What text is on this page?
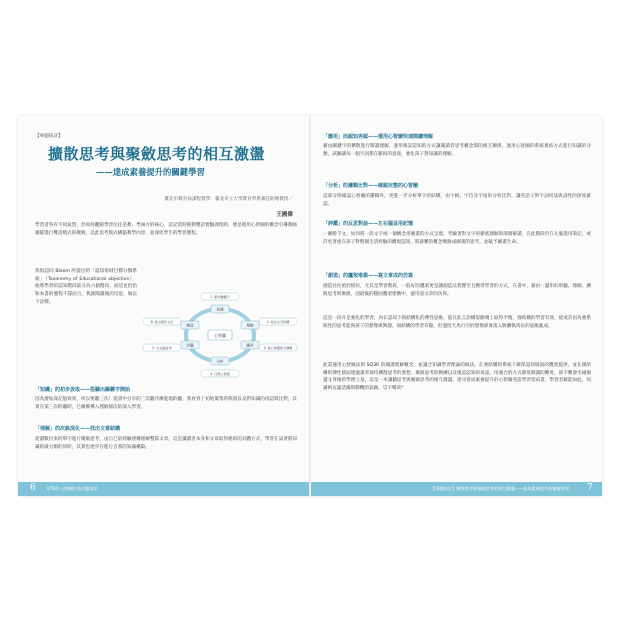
【專題探討】
擴散思考與聚斂思考的相互激盪
——達成素養提升的關鍵學習
臺北市教育局課程督學．臺北市立大學教育學系兼任助理教授／
王國偉
學習者各有不同氣質，但如何翻跟學習往往是教、學兩方的核心，這記當時推動雙語實驗課程時，便是使用心智圖的概念引導教師團隊進行雙語模式的聚斂，以此思考模式構築教學內容，並深化學生的學習歷程。
我很認同 Bloom 所提出的「認知領域目標分類系統」（Taxonomy of Educational objective），他將學習的認知階段區分為六個階段，而這也恰恰和本書的歷程不謀而合，我就閱讀後的反思，做以下詮釋。
心智圖
知識
理解
應用
分析
評鑑
創造
1. 聽出關鍵字
2. 找出文章結構
3. 從心智圖抓出邏輯
4. 比對心智圖
5. 左右腦並用
6. 產出寫作文章
「知識」的初步汲取——從聽出關鍵字開始
因為要加深記憶效果，所以要聽三次！從書中分享的三次聽序漸進地聆聽，我看到了初始蒐集的佈置以及對知識的再認與比對，其實在第三次聆聽時，已漸漸導入理解層次的深入學習。
「理解」的次級深化——找出文章結構
從讀數出來的單字進行聚斂思考，由自已的經驗連構理解整篇文章，這是讓讀者本身和文章取得連結的具體方式，學習在試著將知識的啟分類的同時，其實也逐步在進行自我的知識構築。
6 耳TED 心智圖打造全腦英語
「應用」而認知再認——運用心智圖快速閱讀理解
藉由關鍵字的擴散進行閱讀理解，運用後設認知的方式讓閱讀者思考概念間的相互關係，運用心智圖的系統連結方式進行知識的分類，試圖讓每一個字詞都在脈絡的意義，強化孩子對知識的理解。
「分析」的邏輯比對——確認完整的心智圖
這部分除確認心智圖的邏輯外，更進一步分析單字的結構，由字根、字首及字尾的分析比對，讓英語子對字詞用法與詞性的深度確認。
「評鑑」的反思對話——左右腦並用記憶
一圖勝千文，如何將一段文字或一個概念用圖畫的方式呈現，考驗著對文字的徹底理解與深層解讀，在此階段仍在左腦進用筆記，或許更著重在孩子對整個生活經驗的體現認知，將最難的概念聚斂成圖畫的思考，並賦予圖畫生命。
「創造」的鷹架堆築——寫文章成的仿寫
創造往往始於模仿，尤其是學習階段，一般好的鷹架更是讓創造品質獲至且獲得學習的方式，在書中，藉由一邊串的聆聽、理解、擴散思考與聚斂，剖最後的穩固鷹架建構中，運用道文章的仿寫。
這是一段升是強化的學習，內在認知下與結構化的彈性思維，能在此言語構思勤幾上取得平衡，強結構的學習有效，從或許因為強系統性的思考能與孩子的想像與興趣，弱結構的學習有趣，但過度天馬行空的想像卻會落入脫離軌馬伍的思維亂成。
此書運用心智圖法與 SQ3R 的閱讀理解概念，並讓合知識學習理論的做法，在強結構的系統下確保認知層面的鷹架提供，並在創結構的彈性層面建議讀者保持擴散思考的發想、聚斂思考的精練以及後設認知的再認，用適合的方式降低閱讀的難度，卻不難會出碰個邊文背後的學理立基，這是一本讓聽思考與聚斂思考的相互激盪，達司達成素養提升的心智圖英語學習指南書，學習者藉能如此，知識則充滿活躍與動機的氣圖，豈不樂哉？
【專題探討】擴散思考與聚斂思考的相互激盪——達成素養提升的關鍵學習 7
